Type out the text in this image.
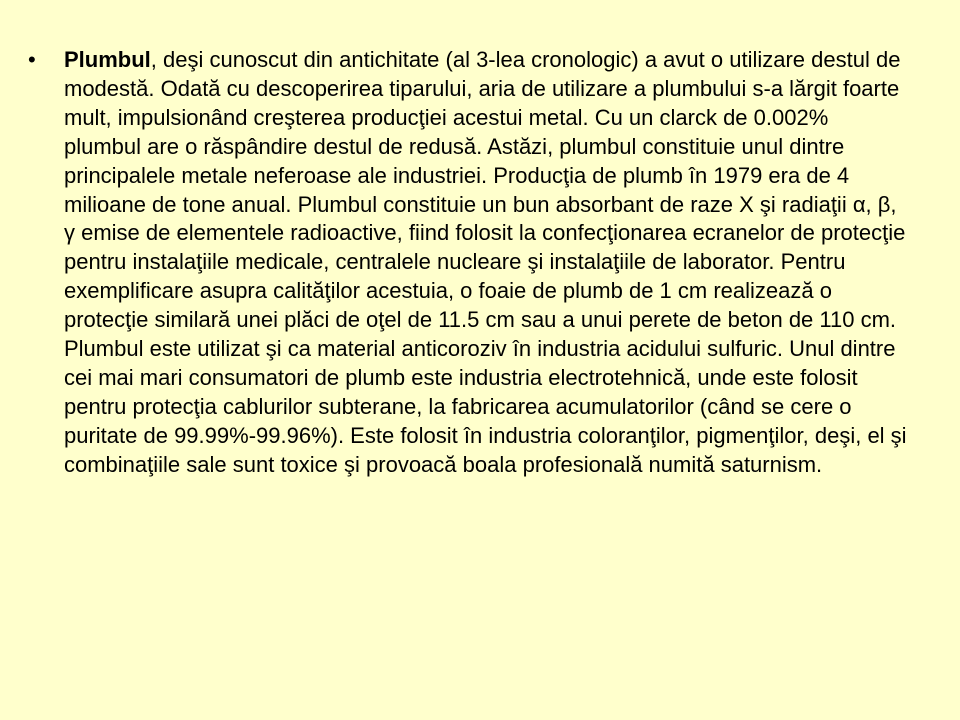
•	Plumbul, deşi cunoscut din antichitate (al 3-lea cronologic) a avut o utilizare destul de modestă. Odată cu descoperirea tiparului, aria de utilizare a plumbului s-a lărgit foarte mult, impulsionând creşterea producţiei acestui metal. Cu un clarck de 0.002% plumbul are o răspândire destul de redusă. Astăzi, plumbul constituie unul dintre principalele metale neferoase ale industriei. Producţia de plumb în 1979 era de 4 milioane de tone anual. Plumbul constituie un bun absorbant de raze X şi radiaţii α, β, γ emise de elementele radioactive, fiind folosit la confecţionarea ecranelor de protecţie pentru instalaţiile medicale, centralele nucleare şi instalaţiile de laborator. Pentru exemplificare asupra calităţilor acestuia, o foaie de plumb de 1 cm realizează o protecţie similară unei plăci de oţel de 11.5 cm sau a unui perete de beton de 110 cm. Plumbul este utilizat şi ca material anticoroziv în industria acidului sulfuric. Unul dintre cei mai mari consumatori de plumb este industria electrotehnică, unde este folosit pentru protecţia cablurilor subterane, la fabricarea acumulatorilor (când se cere o puritate de 99.99%-99.96%). Este folosit în industria coloranţilor, pigmenţilor, deşi, el şi combinaţiile sale sunt toxice şi provoacă boala profesională numită saturnism.
